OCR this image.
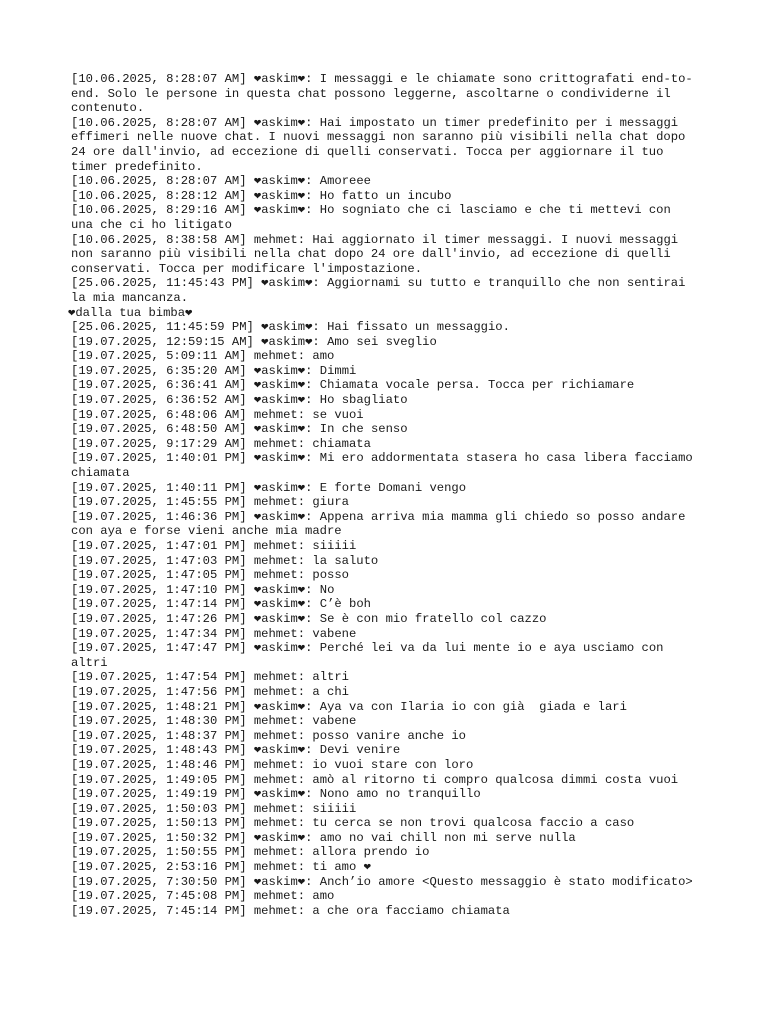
[10.06.2025, 8:28:07 AM] ❤askim❤: I messaggi e le chiamate sono crittografati end-to-end. Solo le persone in questa chat possono leggerne, ascoltarne o condividerne il contenuto.
[10.06.2025, 8:28:07 AM] ❤askim❤: Hai impostato un timer predefinito per i messaggi effimeri nelle nuove chat. I nuovi messaggi non saranno più visibili nella chat dopo 24 ore dall'invio, ad eccezione di quelli conservati. Tocca per aggiornare il tuo timer predefinito.
[10.06.2025, 8:28:07 AM] ❤askim❤: Amoreee
[10.06.2025, 8:28:12 AM] ❤askim❤: Ho fatto un incubo
[10.06.2025, 8:29:16 AM] ❤askim❤: Ho sogniato che ci lasciamo e che ti mettevi con una che ci ho litigato
[10.06.2025, 8:38:58 AM] mehmet: Hai aggiornato il timer messaggi. I nuovi messaggi non saranno più visibili nella chat dopo 24 ore dall'invio, ad eccezione di quelli conservati. Tocca per modificare l'impostazione.
[25.06.2025, 11:45:43 PM] ❤askim❤: Aggiornami su tutto e tranquillo che non sentirai la mia mancanza.
❤dalla tua bimba❤
[25.06.2025, 11:45:59 PM] ❤askim❤: Hai fissato un messaggio.
[19.07.2025, 12:59:15 AM] ❤askim❤: Amo sei sveglio
[19.07.2025, 5:09:11 AM] mehmet: amo
[19.07.2025, 6:35:20 AM] ❤askim❤: Dimmi
[19.07.2025, 6:36:41 AM] ❤askim❤: Chiamata vocale persa. Tocca per richiamare
[19.07.2025, 6:36:52 AM] ❤askim❤: Ho sbagliato
[19.07.2025, 6:48:06 AM] mehmet: se vuoi
[19.07.2025, 6:48:50 AM] ❤askim❤: In che senso
[19.07.2025, 9:17:29 AM] mehmet: chiamata
[19.07.2025, 1:40:01 PM] ❤askim❤: Mi ero addormentata stasera ho casa libera facciamo chiamata
[19.07.2025, 1:40:11 PM] ❤askim❤: E forte Domani vengo
[19.07.2025, 1:45:55 PM] mehmet: giura
[19.07.2025, 1:46:36 PM] ❤askim❤: Appena arriva mia mamma gli chiedo so posso andare con aya e forse vieni anche mia madre
[19.07.2025, 1:47:01 PM] mehmet: siiiii
[19.07.2025, 1:47:03 PM] mehmet: la saluto
[19.07.2025, 1:47:05 PM] mehmet: posso
[19.07.2025, 1:47:10 PM] ❤askim❤: No
[19.07.2025, 1:47:14 PM] ❤askim❤: C’è boh
[19.07.2025, 1:47:26 PM] ❤askim❤: Se è con mio fratello col cazzo
[19.07.2025, 1:47:34 PM] mehmet: vabene
[19.07.2025, 1:47:47 PM] ❤askim❤: Perché lei va da lui mente io e aya usciamo con altri
[19.07.2025, 1:47:54 PM] mehmet: altri
[19.07.2025, 1:47:56 PM] mehmet: a chi
[19.07.2025, 1:48:21 PM] ❤askim❤: Aya va con Ilaria io con già  giada e lari
[19.07.2025, 1:48:30 PM] mehmet: vabene
[19.07.2025, 1:48:37 PM] mehmet: posso vanire anche io
[19.07.2025, 1:48:43 PM] ❤askim❤: Devi venire
[19.07.2025, 1:48:46 PM] mehmet: io vuoi stare con loro
[19.07.2025, 1:49:05 PM] mehmet: amò al ritorno ti compro qualcosa dimmi costa vuoi
[19.07.2025, 1:49:19 PM] ❤askim❤: Nono amo no tranquillo
[19.07.2025, 1:50:03 PM] mehmet: siiiii
[19.07.2025, 1:50:13 PM] mehmet: tu cerca se non trovi qualcosa faccio a caso
[19.07.2025, 1:50:32 PM] ❤askim❤: amo no vai chill non mi serve nulla
[19.07.2025, 1:50:55 PM] mehmet: allora prendo io
[19.07.2025, 2:53:16 PM] mehmet: ti amo ❤
[19.07.2025, 7:30:50 PM] ❤askim❤: Anch’io amore <Questo messaggio è stato modificato>
[19.07.2025, 7:45:08 PM] mehmet: amo
[19.07.2025, 7:45:14 PM] mehmet: a che ora facciamo chiamata
